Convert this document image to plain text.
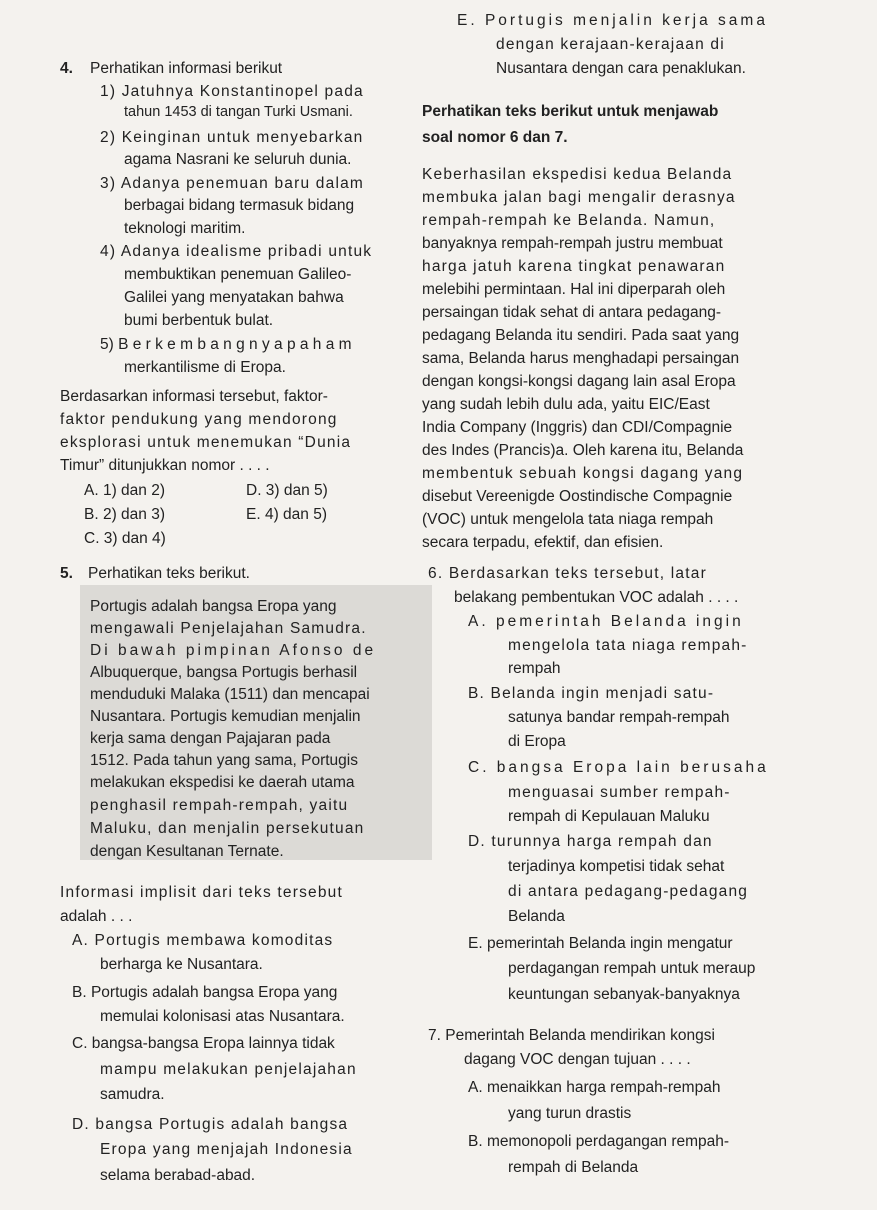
4. Perhatikan informasi berikut
1) Jatuhnya Konstantinopel pada
tahun 1453 di tangan Turki Usmani.
2) Keinginan untuk menyebarkan
agama Nasrani ke seluruh dunia.
3) Adanya penemuan baru dalam
berbagai bidang termasuk bidang
teknologi maritim.
4) Adanya idealisme pribadi untuk
membuktikan penemuan Galileo-
Galilei yang menyatakan bahwa
bumi berbentuk bulat.
5) B e r k e m b a n g n y a p a h a m
merkantilisme di Eropa.
Berdasarkan informasi tersebut, faktor-
faktor pendukung yang mendorong
eksplorasi untuk menemukan “Dunia
Timur” ditunjukkan nomor . . . .
A. 1) dan 2)	D. 3) dan 5)
B. 2) dan 3)	E. 4) dan 5)
C. 3) dan 4)
5. Perhatikan teks berikut.
Portugis adalah bangsa Eropa yang
mengawali Penjelajahan Samudra.
Di bawah pimpinan Afonso de
Albuquerque, bangsa Portugis berhasil
menduduki Malaka (1511) dan mencapai
Nusantara. Portugis kemudian menjalin
kerja sama dengan Pajajaran pada
1512. Pada tahun yang sama, Portugis
melakukan ekspedisi ke daerah utama
penghasil rempah-rempah, yaitu
Maluku, dan menjalin persekutuan
dengan Kesultanan Ternate.
Informasi implisit dari teks tersebut
adalah . . .
A. Portugis membawa komoditas
berharga ke Nusantara.
B. Portugis adalah bangsa Eropa yang
memulai kolonisasi atas Nusantara.
C. bangsa-bangsa Eropa lainnya tidak
mampu melakukan penjelajahan
samudra.
D. bangsa Portugis adalah bangsa
Eropa yang menjajah Indonesia
selama berabad-abad.
E. Portugis menjalin kerja sama
dengan kerajaan-kerajaan di
Nusantara dengan cara penaklukan.
Perhatikan teks berikut untuk menjawab
soal nomor 6 dan 7.
Keberhasilan ekspedisi kedua Belanda
membuka jalan bagi mengalir derasnya
rempah-rempah ke Belanda. Namun,
banyaknya rempah-rempah justru membuat
harga jatuh karena tingkat penawaran
melebihi permintaan. Hal ini diperparah oleh
persaingan tidak sehat di antara pedagang-
pedagang Belanda itu sendiri. Pada saat yang
sama, Belanda harus menghadapi persaingan
dengan kongsi-kongsi dagang lain asal Eropa
yang sudah lebih dulu ada, yaitu EIC/East
India Company (Inggris) dan CDI/Compagnie
des Indes (Prancis)a. Oleh karena itu, Belanda
membentuk sebuah kongsi dagang yang
disebut Vereenigde Oostindische Compagnie
(VOC) untuk mengelola tata niaga rempah
secara terpadu, efektif, dan efisien.
6. Berdasarkan teks tersebut, latar
belakang pembentukan VOC adalah . . . .
A. pemerintah Belanda ingin
mengelola tata niaga rempah-
rempah
B. Belanda ingin menjadi satu-
satunya bandar rempah-rempah
di Eropa
C. bangsa Eropa lain berusaha
menguasai sumber rempah-
rempah di Kepulauan Maluku
D. turunnya harga rempah dan
terjadinya kompetisi tidak sehat
di antara pedagang-pedagang
Belanda
E. pemerintah Belanda ingin mengatur
perdagangan rempah untuk meraup
keuntungan sebanyak-banyaknya
7. Pemerintah Belanda mendirikan kongsi
dagang VOC dengan tujuan . . . .
A. menaikkan harga rempah-rempah
yang turun drastis
B. memonopoli perdagangan rempah-
rempah di Belanda
